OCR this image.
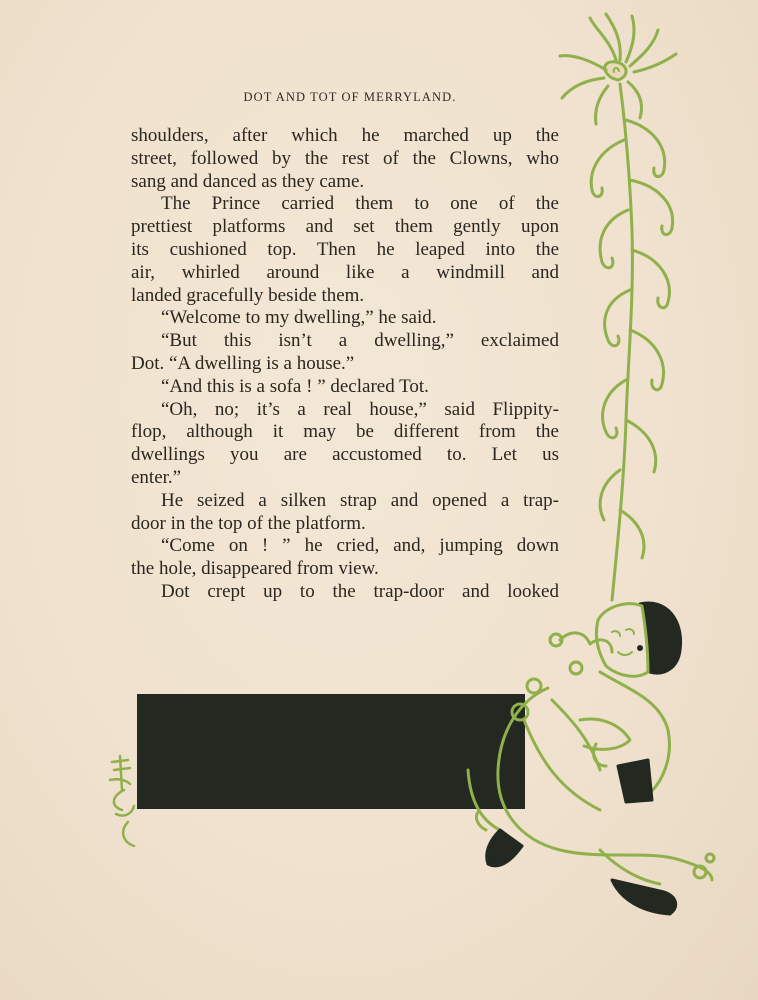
DOT AND TOT OF MERRYLAND.
shoulders, after which he marched up the
street, followed by the rest of the Clowns, who
sang and danced as they came.
The Prince carried them to one of the
prettiest platforms and set them gently upon
its cushioned top. Then he leaped into the
air, whirled around like a windmill and
landed gracefully beside them.
“Welcome to my dwelling,” he said.
“But this isn’t a dwelling,” exclaimed
Dot. “A dwelling is a house.”
“And this is a sofa ! ” declared Tot.
“Oh, no; it’s a real house,” said Flippity-
flop, although it may be different from the
dwellings you are accustomed to. Let us
enter.”
He seized a silken strap and opened a trap-
door in the top of the platform.
“Come on ! ” he cried, and, jumping down
the hole, disappeared from view.
Dot crept up to the trap-door and looked
